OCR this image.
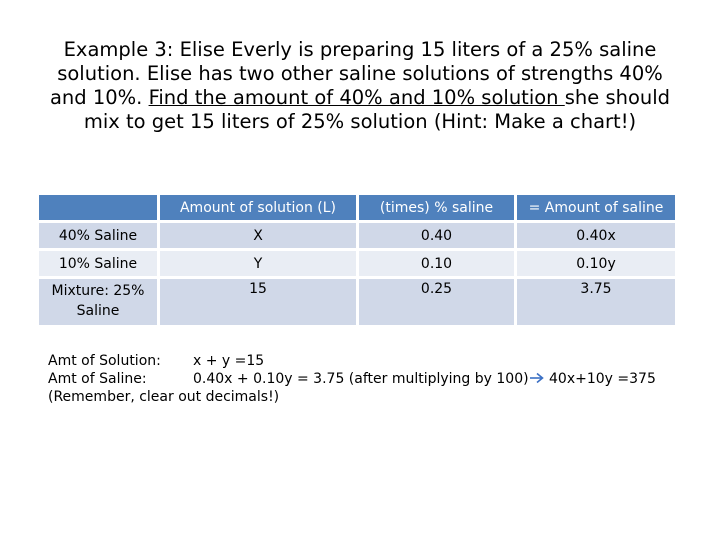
Example 3: Elise Everly is preparing 15 liters of a 25% saline solution. Elise has two other saline solutions of strengths 40% and 10%. Find the amount of 40% and 10% solution she should mix to get 15 liters of 25% solution (Hint: Make a chart!)
	Amount of solution (L)	(times) % saline	= Amount of saline
40% Saline	X	0.40	0.40x
10% Saline	Y	0.10	0.10y
Mixture: 25% Saline	15	0.25	3.75
Amt of Solution: x + y =15
Amt of Saline:	0.40x + 0.10y = 3.75 (after multiplying by 100) 40x+10y =375
(Remember, clear out decimals!)
